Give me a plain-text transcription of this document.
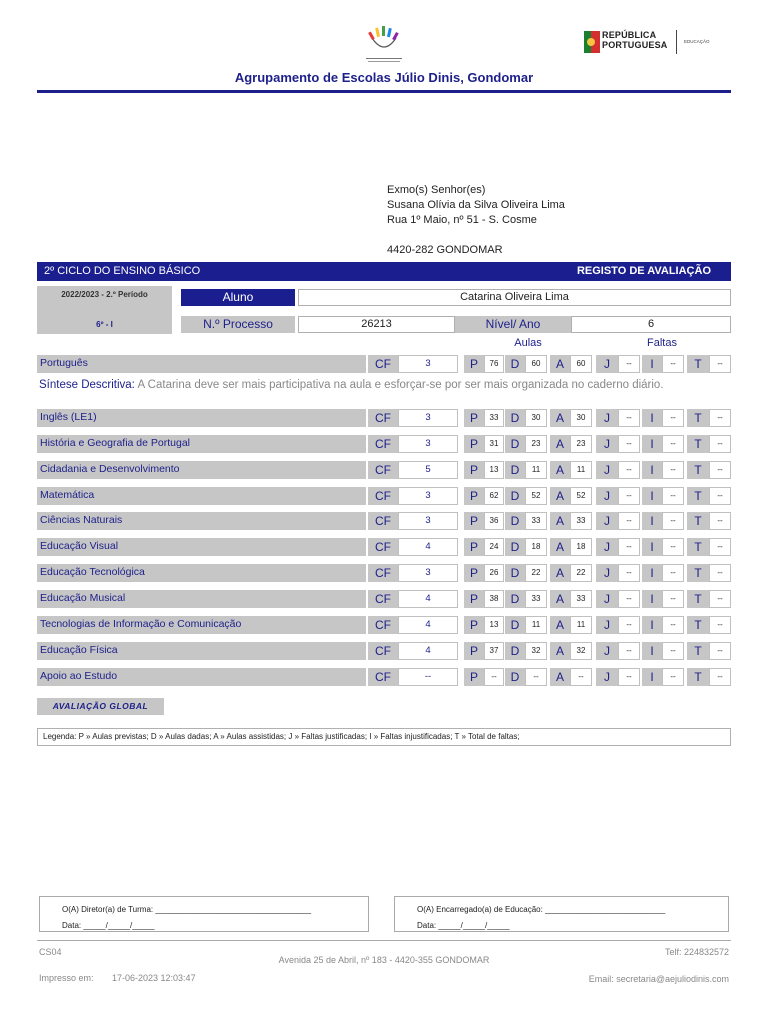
REPÚBLICA
PORTUGUESA	EDUCAÇÃO
Agrupamento de Escolas Júlio Dinis, Gondomar
Exmo(s) Senhor(es)
Susana Olívia da Silva Oliveira Lima
Rua 1º Maio, nº 51 - S. Cosme
4420-282 GONDOMAR
2º CICLO DO ENSINO BÁSICO	REGISTO DE AVALIAÇÃO
2022/2023 - 2.º Período
6º - I
Aluno	Catarina Oliveira Lima
N.º Processo	26213	Nível/ Ano	6
Aulas	Faltas
Português	CF	3	P	76	D	60	A	60	J	--	I	--	T	--
Inglês (LE1)	CF	3	P	33	D	30	A	30	J	--	I	--	T	--
História e Geografia de Portugal	CF	3	P	31	D	23	A	23	J	--	I	--	T	--
Cidadania e Desenvolvimento	CF	5	P	13	D	11	A	11	J	--	I	--	T	--
Matemática	CF	3	P	62	D	52	A	52	J	--	I	--	T	--
Ciências Naturais	CF	3	P	36	D	33	A	33	J	--	I	--	T	--
Educação Visual	CF	4	P	24	D	18	A	18	J	--	I	--	T	--
Educação Tecnológica	CF	3	P	26	D	22	A	22	J	--	I	--	T	--
Educação Musical	CF	4	P	38	D	33	A	33	J	--	I	--	T	--
Tecnologias de Informação e Comunicação	CF	4	P	13	D	11	A	11	J	--	I	--	T	--
Educação Física	CF	4	P	37	D	32	A	32	J	--	I	--	T	--
Apoio ao Estudo	CF	--	P	--	D	--	A	--	J	--	I	--	T	--
Síntese Descritiva: A Catarina deve ser mais participativa na aula e esforçar-se por ser mais organizada no caderno diário.
AVALIAÇÃO GLOBAL
Legenda: P » Aulas previstas; D » Aulas dadas; A » Aulas assistidas; J » Faltas justificadas; I » Faltas injustificadas; T » Total de faltas;
O(A) Diretor(a) de Turma: ___________________________________
Data: _____/_____/_____
O(A) Encarregado(a) de Educação: ___________________________
Data: _____/_____/_____
CS04
Avenida 25 de Abril, nº 183 - 4420-355 GONDOMAR
Telf: 224832572
Impresso em: 17-06-2023 12:03:47	Email: secretaria@aejuliodinis.com
